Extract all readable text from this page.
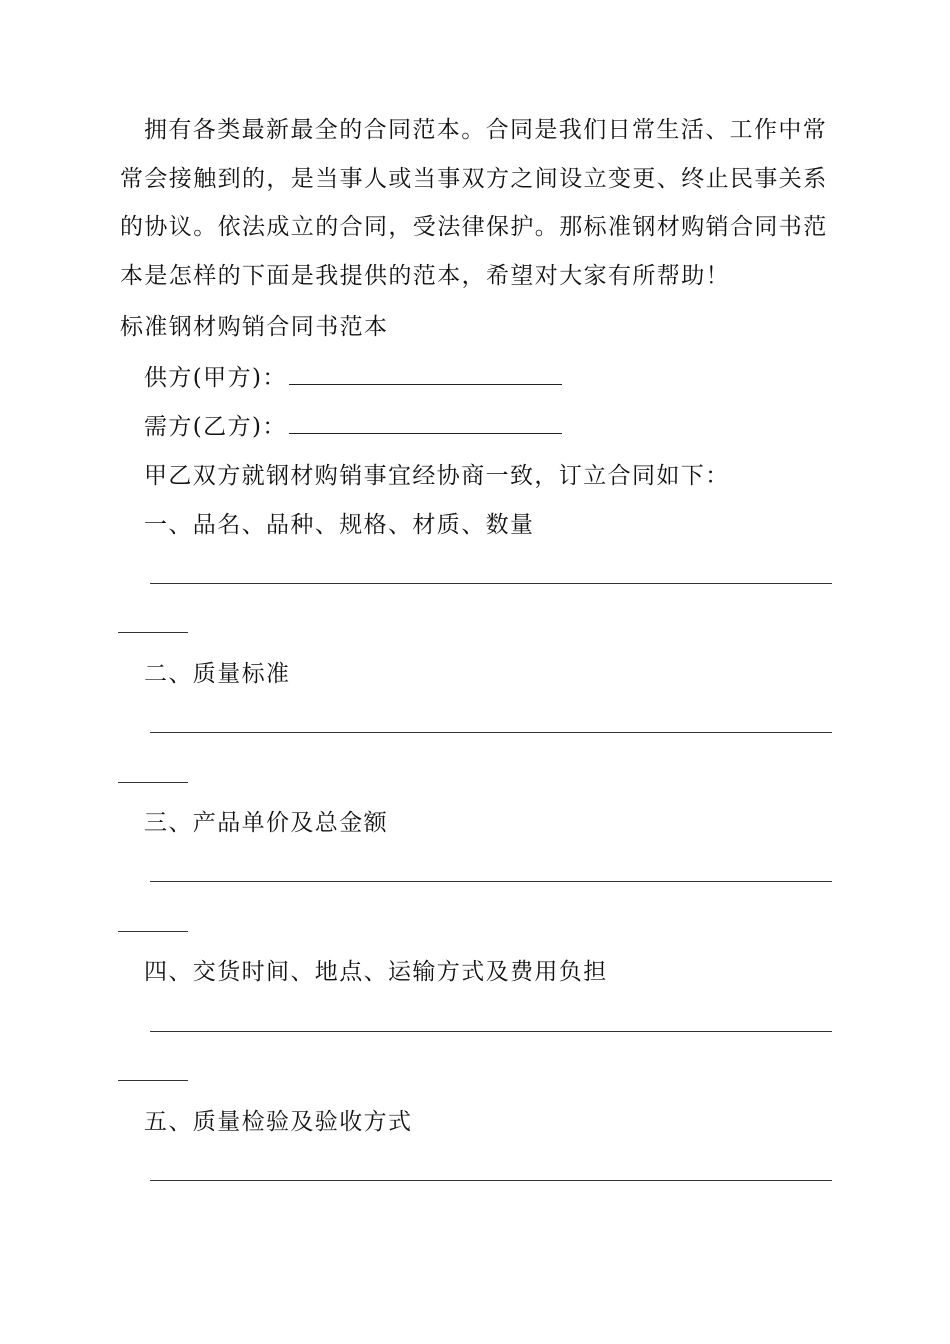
拥有各类最新最全的合同范本。合同是我们日常生活、工作中常常会接触到的，是当事人或当事双方之间设立变更、终止民事关系的协议。依法成立的合同，受法律保护。那标准钢材购销合同书范本是怎样的下面是我提供的范本，希望对大家有所帮助！

标准钢材购销合同书范本
供方(甲方)：
需方(乙方)：
甲乙双方就钢材购销事宜经协商一致，订立合同如下：
一、品名、品种、规格、材质、数量
二、质量标准
三、产品单价及总金额
四、交货时间、地点、运输方式及费用负担
五、质量检验及验收方式
